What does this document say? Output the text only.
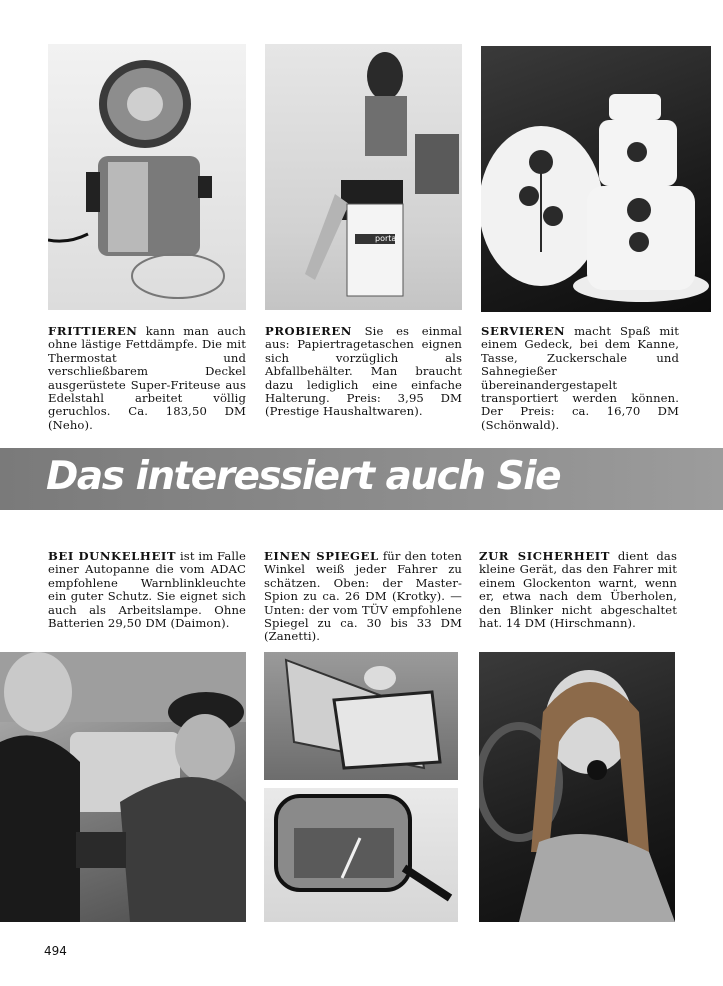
porta
FRITTIEREN kann man auch ohne lästige Fettdämpfe. Die mit Thermostat und verschließbarem Deckel ausgerüstete Super-Friteuse aus Edelstahl arbeitet völlig geruchlos. Ca. 183,50 DM (Neho).
PROBIEREN Sie es einmal aus: Papiertragetaschen eignen sich vorzüglich als Abfallbehälter. Man braucht dazu lediglich eine einfache Halterung. Preis: 3,95 DM (Prestige Haushaltwaren).
SERVIEREN macht Spaß mit einem Gedeck, bei dem Kanne, Tasse, Zuckerschale und Sahnegießer übereinandergestapelt transportiert werden können. Der Preis: ca. 16,70 DM (Schönwald).
Das interessiert auch Sie
BEI DUNKELHEIT ist im Falle einer Autopanne die vom ADAC empfohlene Warnblinkleuchte ein guter Schutz. Sie eignet sich auch als Arbeitslampe. Ohne Batterien 29,50 DM (Daimon).
EINEN SPIEGEL für den toten Winkel weiß jeder Fahrer zu schätzen. Oben: der Master-Spion zu ca. 26 DM (Krotky). — Unten: der vom TÜV empfohlene Spiegel zu ca. 30 bis 33 DM (Zanetti).
ZUR SICHERHEIT dient das kleine Gerät, das den Fahrer mit einem Glockenton warnt, wenn er, etwa nach dem Überholen, den Blinker nicht abgeschaltet hat. 14 DM (Hirschmann).
494
